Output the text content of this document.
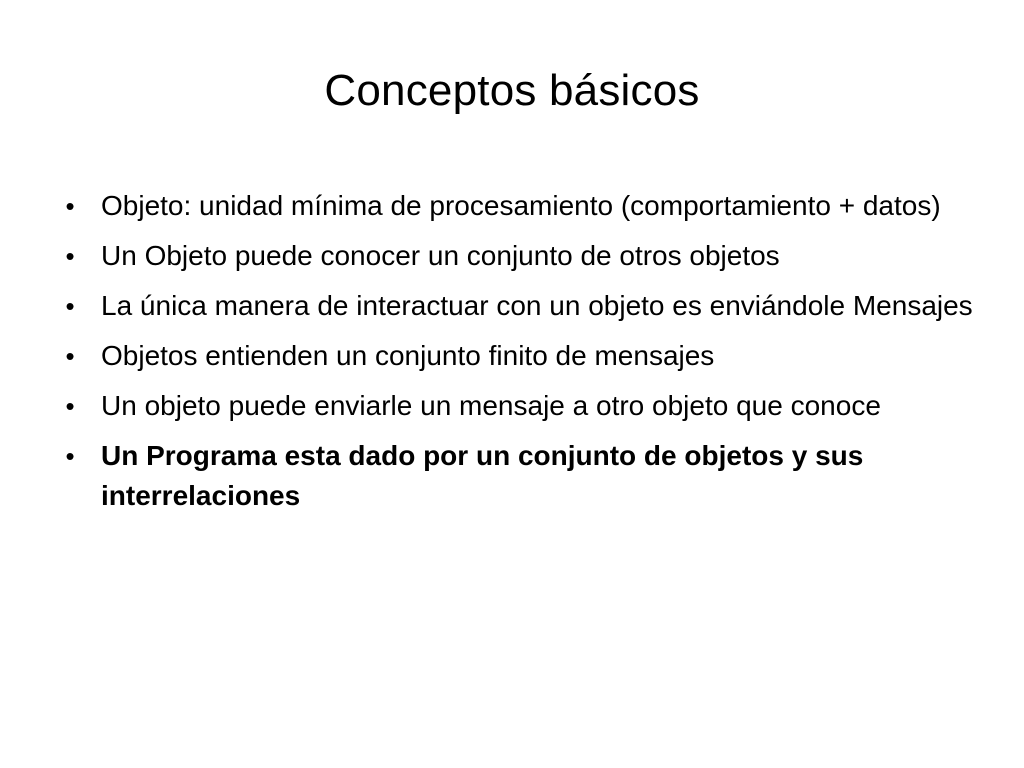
Conceptos básicos
• Objeto: unidad mínima de procesamiento (comportamiento + datos)
• Un Objeto puede conocer un conjunto de otros objetos
• La única manera de interactuar con un objeto es enviándole Mensajes
• Objetos entienden un conjunto finito de mensajes
• Un objeto puede enviarle un mensaje a otro objeto que conoce
• Un Programa esta dado por un conjunto de objetos y sus interrelaciones
